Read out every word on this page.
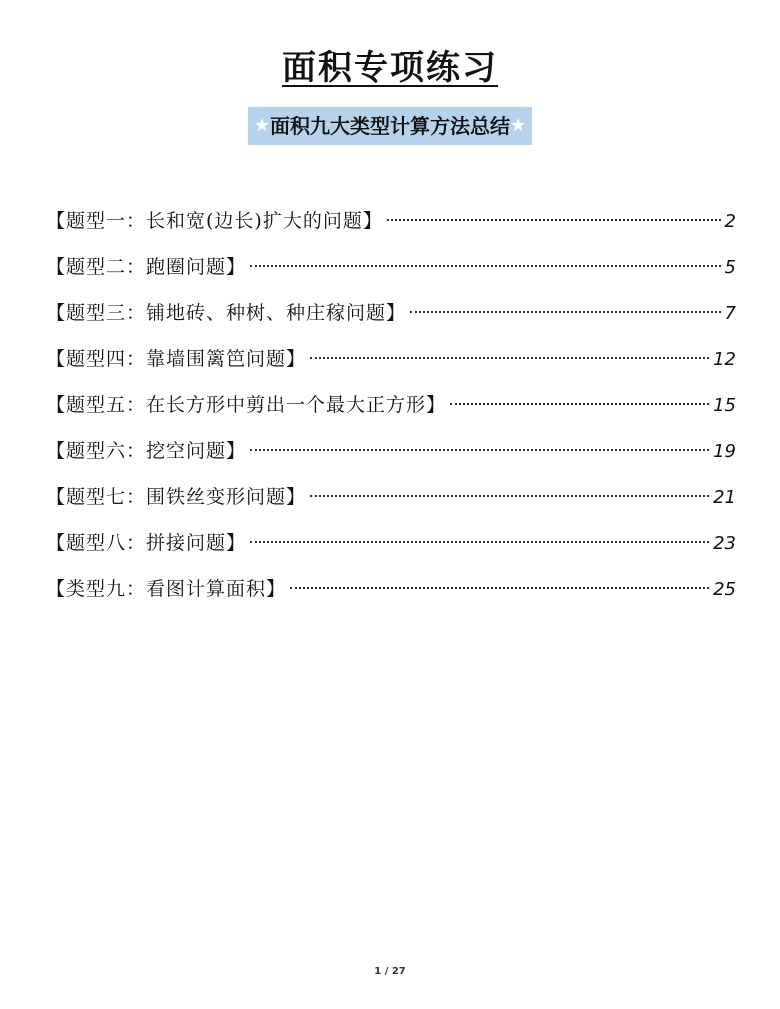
面积专项练习
★面积九大类型计算方法总结★
【题型一：长和宽(边长)扩大的问题】	2
【题型二：跑圈问题】	5
【题型三：铺地砖、种树、种庄稼问题】	7
【题型四：靠墙围篱笆问题】	12
【题型五：在长方形中剪出一个最大正方形】	15
【题型六：挖空问题】	19
【题型七：围铁丝变形问题】	21
【题型八：拼接问题】	23
【类型九：看图计算面积】	25
1 / 27
